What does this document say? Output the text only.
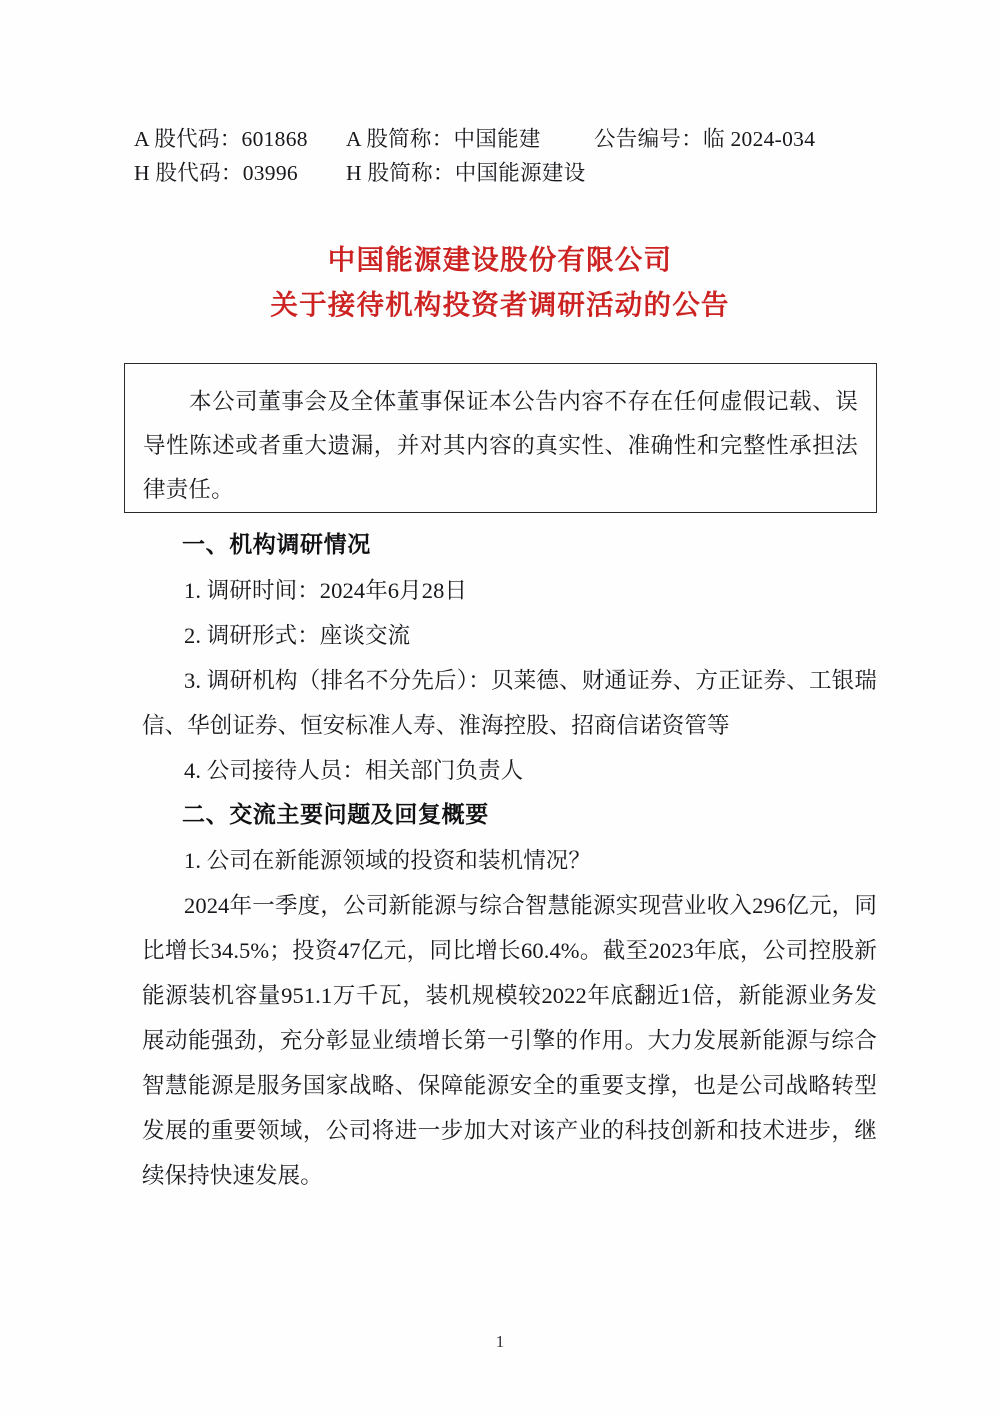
A 股代码：601868	A 股简称：中国能建	公告编号：临 2024-034
H 股代码：03996	H 股简称：中国能源建设
中国能源建设股份有限公司
关于接待机构投资者调研活动的公告
本公司董事会及全体董事保证本公告内容不存在任何虚假记载、误导性陈述或者重大遗漏，并对其内容的真实性、准确性和完整性承担法律责任。
一、机构调研情况
1. 调研时间：2024年6月28日
2. 调研形式：座谈交流
3. 调研机构（排名不分先后）：贝莱德、财通证券、方正证券、工银瑞信、华创证券、恒安标准人寿、淮海控股、招商信诺资管等
4. 公司接待人员：相关部门负责人
二、交流主要问题及回复概要
1. 公司在新能源领域的投资和装机情况？
2024年一季度，公司新能源与综合智慧能源实现营业收入296亿元，同比增长34.5%；投资47亿元，同比增长60.4%。截至2023年底，公司控股新能源装机容量951.1万千瓦，装机规模较2022年底翻近1倍，新能源业务发展动能强劲，充分彰显业绩增长第一引擎的作用。大力发展新能源与综合智慧能源是服务国家战略、保障能源安全的重要支撑，也是公司战略转型发展的重要领域，公司将进一步加大对该产业的科技创新和技术进步，继续保持快速发展。
1
